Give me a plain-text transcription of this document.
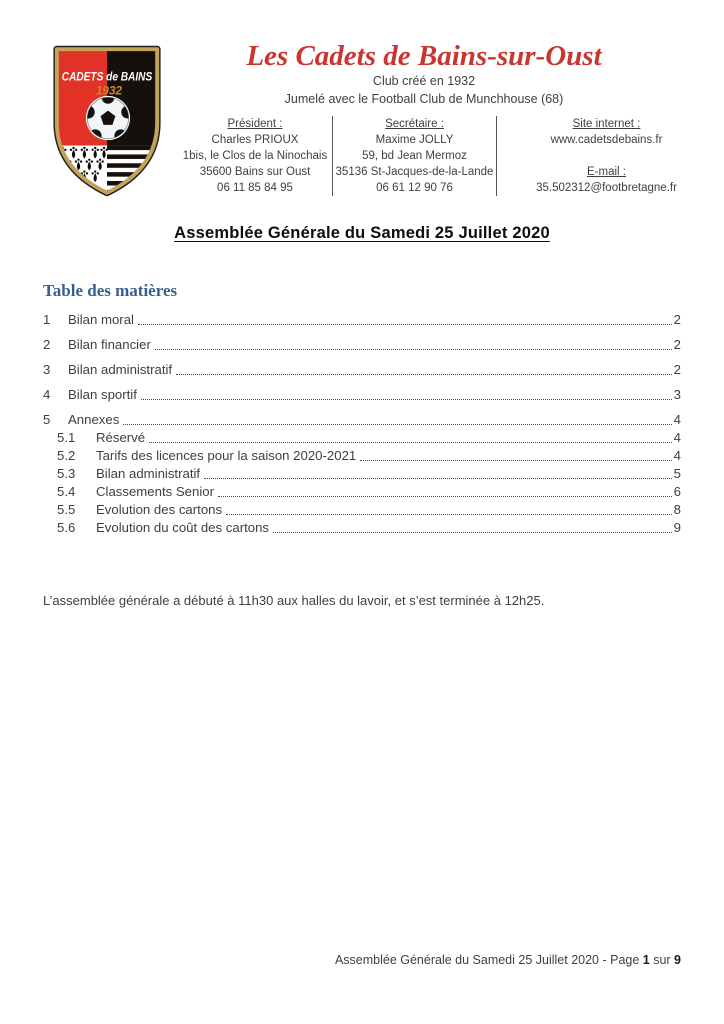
CADETS de BAINS
1932
Les Cadets de Bains-sur-Oust
Club créé en 1932
Jumelé avec le Football Club de Munchhouse (68)
Président :
Charles PRIOUX
1bis, le Clos de la Ninochais
35600 Bains sur Oust
06 11 85 84 95
Secrétaire :
Maxime JOLLY
59, bd Jean Mermoz
35136 St-Jacques-de-la-Lande
06 61 12 90 76
Site internet :
www.cadetsdebains.fr
E-mail :
35.502312@footbretagne.fr
Assemblée Générale du Samedi 25 Juillet 2020
Table des matières
1	Bilan moral	2
2	Bilan financier	2
3	Bilan administratif	2
4	Bilan sportif	3
5	Annexes	4
5.1	Réservé	4
5.2	Tarifs des licences pour la saison 2020-2021	4
5.3	Bilan administratif	5
5.4	Classements Senior	6
5.5	Evolution des cartons	8
5.6	Evolution du coût des cartons	9

L’assemblée générale a débuté à 11h30 aux halles du lavoir, et s’est terminée à 12h25.

Assemblée Générale du Samedi 25 Juillet 2020 - Page 1 sur 9
